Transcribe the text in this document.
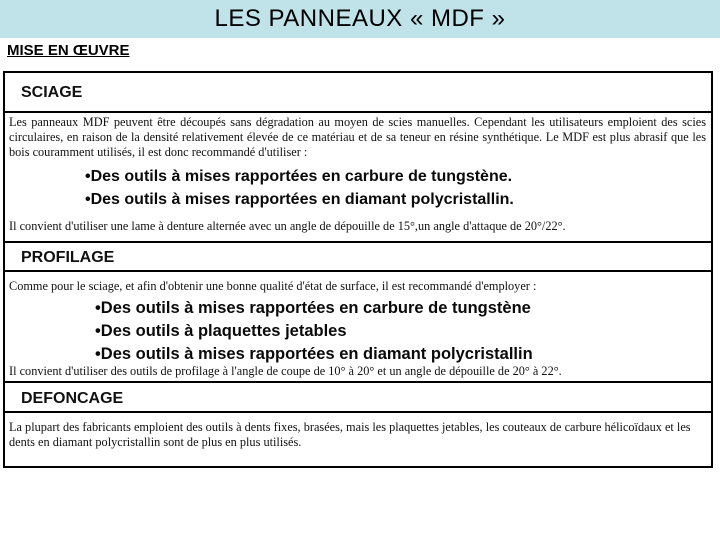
LES PANNEAUX « MDF »
MISE EN ŒUVRE
SCIAGE
Les panneaux MDF peuvent être découpés sans dégradation au moyen de scies manuelles. Cependant les utilisateurs emploient des scies circulaires, en raison de la densité relativement élevée de ce matériau et de sa teneur en résine synthétique. Le MDF est plus abrasif que les bois couramment utilisés, il est donc recommandé d'utiliser :
•Des outils à mises rapportées en carbure de tungstène.
•Des outils à mises rapportées en diamant polycristallin.
Il convient d'utiliser une lame à denture alternée avec un angle de dépouille de 15°,un angle d'attaque de 20°/22°.
PROFILAGE
Comme pour le sciage, et afin d'obtenir une bonne qualité d'état de surface, il est recommandé d'employer :
•Des outils à mises rapportées en carbure de tungstène
•Des outils à plaquettes jetables
•Des outils à mises rapportées en diamant polycristallin
Il convient d'utiliser des outils de profilage à l'angle de coupe de 10° à 20° et un angle de dépouille de 20° à 22°.
DEFONCAGE
La plupart des fabricants emploient des outils à dents fixes, brasées, mais les plaquettes jetables, les couteaux de carbure hélicoïdaux et les dents en diamant polycristallin sont de plus en plus utilisés.
